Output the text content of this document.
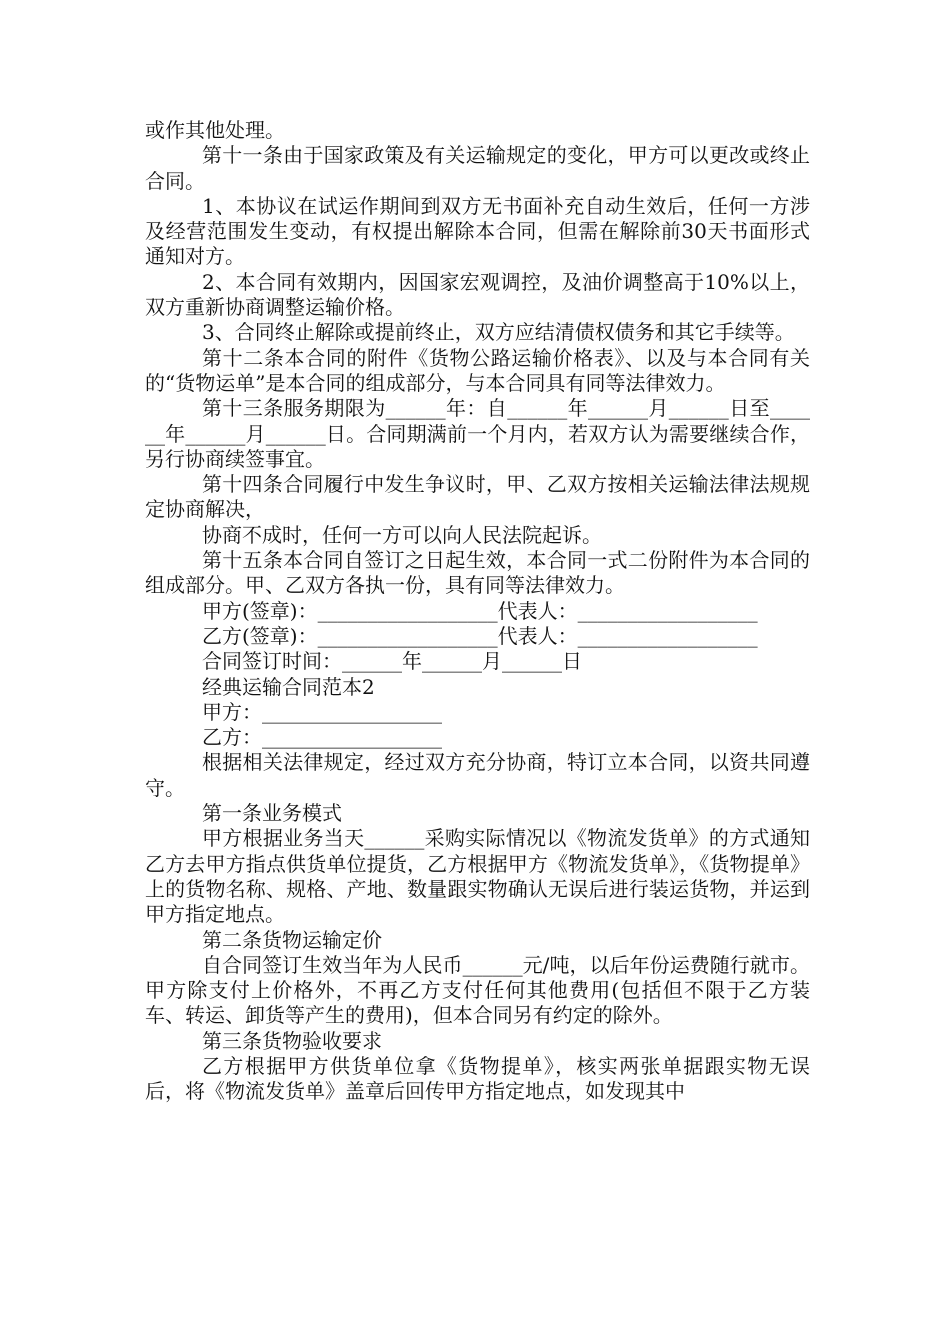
或作其他处理。

第十一条由于国家政策及有关运输规定的变化，甲方可以更改或终止合同。

1、本协议在试运作期间到双方无书面补充自动生效后，任何一方涉及经营范围发生变动，有权提出解除本合同，但需在解除前30天书面形式通知对方。

2、本合同有效期内，因国家宏观调控，及油价调整高于10%以上，双方重新协商调整运输价格。

3、合同终止解除或提前终止，双方应结清债权债务和其它手续等。

第十二条本合同的附件《货物公路运输价格表》、以及与本合同有关的“货物运单”是本合同的组成部分，与本合同具有同等法律效力。

第十三条服务期限为______年：自______年______月______日至______年______月______日。合同期满前一个月内，若双方认为需要继续合作，另行协商续签事宜。

第十四条合同履行中发生争议时，甲、乙双方按相关运输法律法规规定协商解决，

协商不成时，任何一方可以向人民法院起诉。

第十五条本合同自签订之日起生效，本合同一式二份附件为本合同的组成部分。甲、乙双方各执一份，具有同等法律效力。

甲方(签章)：__________________代表人：__________________

乙方(签章)：__________________代表人：__________________

合同签订时间：______年______月______日

经典运输合同范本2

甲方：__________________

乙方：__________________

根据相关法律规定，经过双方充分协商，特订立本合同，以资共同遵守。

第一条业务模式

甲方根据业务当天______采购实际情况以《物流发货单》的方式通知乙方去甲方指点供货单位提货，乙方根据甲方《物流发货单》，《货物提单》上的货物名称、规格、产地、数量跟实物确认无误后进行装运货物，并运到甲方指定地点。

第二条货物运输定价

自合同签订生效当年为人民币______元/吨，以后年份运费随行就市。甲方除支付上价格外，不再乙方支付任何其他费用(包括但不限于乙方装车、转运、卸货等产生的费用)，但本合同另有约定的除外。

第三条货物验收要求

乙方根据甲方供货单位拿《货物提单》，核实两张单据跟实物无误后，将《物流发货单》盖章后回传甲方指定地点，如发现其中
